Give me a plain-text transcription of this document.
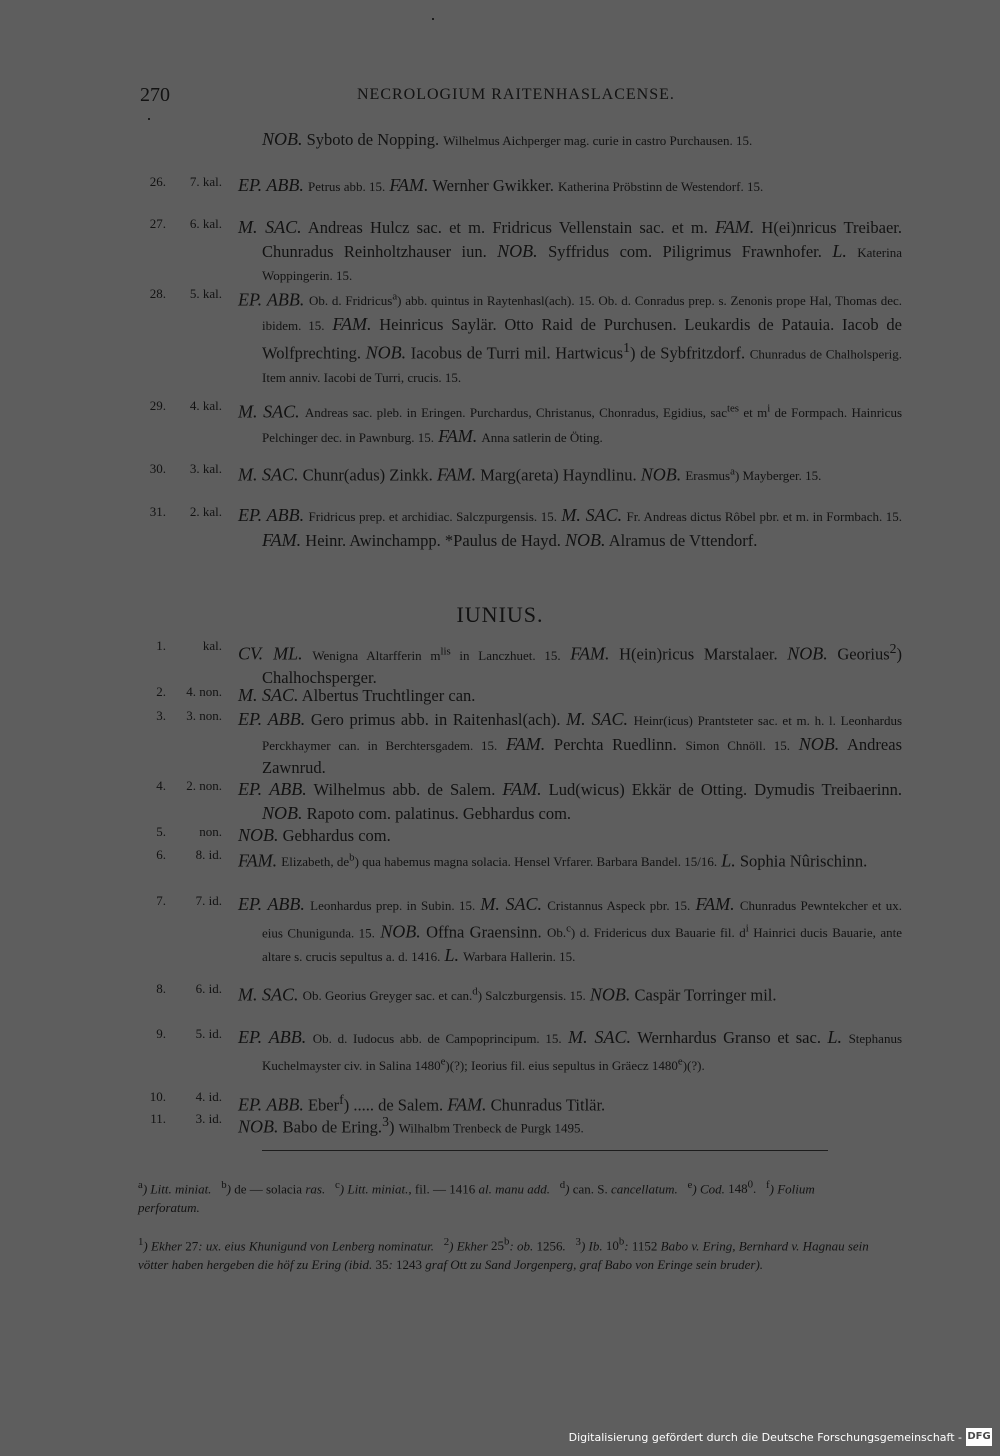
270	NECROLOGIUM RAITENHASLACENSE.
NOB. Syboto de Nopping. Wilhelmus Aichperger mag. curie in castro Purchausen. 15.
26.	7. kal. EP. ABB. Petrus abb. 15. FAM. Wernher Gwikker. Katherina Pröbstinn de Westendorf. 15.
27.	6. kal. M. SAC. Andreas Hulcz sac. et m. Fridricus Vellenstain sac. et m. FAM. H(ei)nricus Treibaer. Chunradus Reinholtzhauser iun. NOB. Syffridus com. Piligrimus Frawnhofer. L. Katerina Woppingerin. 15.
28.	5. kal. EP. ABB. Ob. d. Fridricus$^a$) abb. quintus in Raytenhasl(ach). 15. Ob. d. Conradus prep. s. Zenonis prope Hal, Thomas dec. ibidem. 15. FAM. Heinricus Saylär. Otto Raid de Purchusen. Leukardis de Patauia. Iacob de Wolfprechting. NOB. Iacobus de Turri mil. Hartwicus$^1$) de Sybfritzdorf. Chunradus de Chalholsperig. Item anniv. Iacobi de Turri, crucis. 15.
29.	4. kal. M. SAC. Andreas sac. pleb. in Eringen. Purchardus, Christanus, Chonradus, Egidius, sac$^{tes}$ et $m^i$ de Formpach. Hainricus Pelchinger dec. in Pawnburg. 15. FAM. Anna satlerin de Öting.
30.	3. kal. M. SAC. Chunr(adus) Zinkk. FAM. Marg(areta) Hayndlinu. NOB. Erasmus$^a$) Mayberger. 15.
31.	2. kal. EP. ABB. Fridricus prep. et archidiac. Salczpurgensis. 15. M. SAC. Fr. Andreas dictus Rôbel pbr. et m. in Formbach. 15. FAM. Heinr. Awinchampp. *Paulus de Hayd. NOB. Alramus de Vttendorf.
IUNIUS.
1.	kal. CV. ML. Wenigna Altarfferin $m^{lis}$ in Lanczhuet. 15. FAM. H(ein)ricus Marstalaer. NOB. Georius$^2$) Chalhochsperger.
2.	4. non. M. SAC. Albertus Truchtlinger can.
3.	3. non. EP. ABB. Gero primus abb. in Raitenhasl(ach). M. SAC. Heinr(icus) Prantsteter sac. et m. h. l. Leonhardus Perckhaymer can. in Berchtersgadem. 15. FAM. Perchta Ruedlinn. Simon Chnöll. 15. NOB. Andreas Zawnrud.
4.	2. non. EP. ABB. Wilhelmus abb. de Salem. FAM. Lud(wicus) Ekkär de Otting. Dymudis Treibaerinn. NOB. Rapoto com. palatinus. Gebhardus com.
5.	non. NOB. Gebhardus com.
6.	8. id. FAM. Elizabeth, $de^b$) qua habemus magna solacia. Hensel Vrfarer. Barbara Bandel. 15/16. L. Sophia Nûrischinn.
7.	7. id. EP. ABB. Leonhardus prep. in Subin. 15. M. SAC. Cristannus Aspeck pbr. 15. FAM. Chunradus Pewntekcher et ux. eius Chunigunda. 15. NOB. Offna Graensinn. Ob.$^c$) d. Fridericus dux Bauarie fil. $d^i$ Hainrici ducis Bauarie, ante altare s. crucis sepultus a. d. 1416. L. Warbara Hallerin. 15.
8.	6. id. M. SAC. Ob. Georius Greyger sac. et can.$^d$) Salczburgensis. 15. NOB. Caspär Torringer mil.
9.	5. id. EP. ABB. Ob. d. Iudocus abb. de Campoprincipum. 15. M. SAC. Wernhardus Granso et sac. L. Stephanus Kuchelmayster civ. in Salina 1480e)(?); Ieorius fil. eius sepultus in Gräecz 1480e)(?).
10.	4. id. EP. ABB. Eber$^f$) ..... de Salem. FAM. Chunradus Titlär.
11.	3. id. NOB. Babo de Ering.$^3$) Wilhalbm Trenbeck de Purgk 1495.
$^a$) Litt. miniat.   $^b$) de — solacia ras.   $^c$) Litt. miniat., fil. — 1416 al. manu add.   $^d$) can. S. cancellatum.   $^e$) Cod. $148^0$. $^f$) Folium perforatum.
$^1$) Ekher 27: ux. eius Khunigund von Lenberg nominatur.   $^2$) Ekher 25$^b$: ob. 1256.   $^3$) Ib. 10$^b$: 1152 Babo v. Ering, Bernhard v. Hagnau sein vötter haben hergeben die höf zu Ering (ibid. 35: 1243 graf Ott zu Sand Jorgenperg, graf Babo von Eringe sein bruder).
Digitalisierung gefördert durch die Deutsche Forschungsgemeinschaft - DFG
